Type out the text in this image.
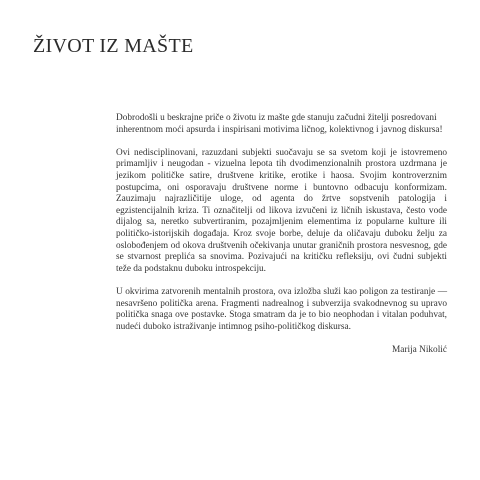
ŽIVOT IZ MAŠTE

Dobrodošli u beskrajne priče o životu iz mašte gde stanuju začudni žitelji posredovani inherentnom moći apsurda i inspirisani motivima ličnog, kolektivnog i javnog diskursa!

Ovi nedisciplinovani, razuzdani subjekti suočavaju se sa svetom koji je istovremeno primamljiv i neugodan - vizuelna lepota tih dvodimenzionalnih prostora uzdrmana je jezikom političke satire, društvene kritike, erotike i haosa. Svojim kontroverznim postupcima, oni osporavaju društvene norme i buntovno odbacuju konformizam. Zauzimaju najrazličitije uloge, od agenta do žrtve sopstvenih patologija i egzistencijalnih kriza. Ti označitelji od likova izvučeni iz ličnih iskustava, često vode dijalog sa, neretko subvertiranim, pozajmljenim elementima iz popularne kulture ili političko-istorijskih događaja. Kroz svoje borbe, deluje da oličavaju duboku želju za oslobođenjem od okova društvenih očekivanja unutar graničnih prostora nesvesnog, gde se stvarnost preplića sa snovima. Pozivajući na kritičku refleksiju, ovi čudni subjekti teže da podstaknu duboku introspekciju.

U okvirima zatvorenih mentalnih prostora, ova izložba služi kao poligon za testiranje — nesavršeno politička arena. Fragmenti nadrealnog i subverzija svakodnevnog su upravo politička snaga ove postavke. Stoga smatram da je to bio neophodan i vitalan poduhvat, nudeći duboko istraživanje intimnog psiho-političkog diskursa.

Marija Nikolić
